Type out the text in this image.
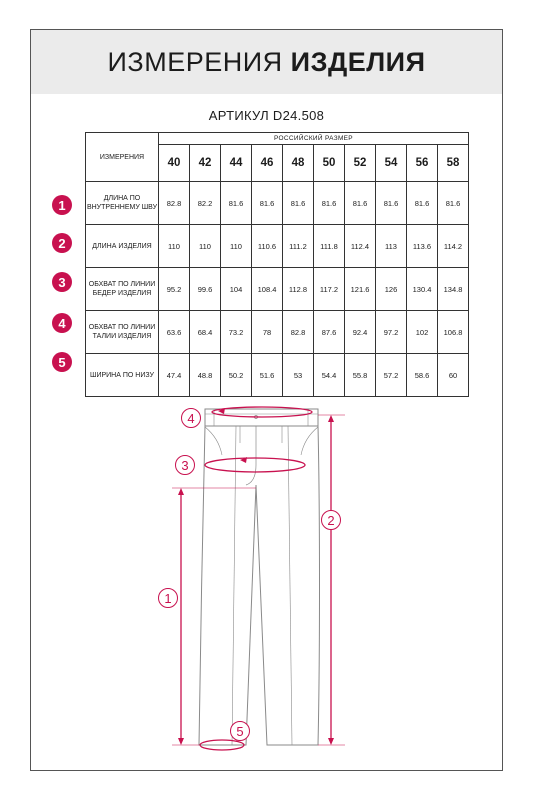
ИЗМЕРЕНИЯ ИЗДЕЛИЯ
АРТИКУЛ D24.508
ИЗМЕРЕНИЯ	РОССИЙСКИЙ РАЗМЕР									
	40	42	44	46	48	50	52	54	56	58
ДЛИНА ПО ВНУТРЕННЕМУ ШВУ	82.8	82.2	81.6	81.6	81.6	81.6	81.6	81.6	81.6	81.6
ДЛИНА ИЗДЕЛИЯ	110	110	110	110.6	111.2	111.8	112.4	113	113.6	114.2
ОБХВАТ ПО ЛИНИИ БЕДЕР ИЗДЕЛИЯ	95.2	99.6	104	108.4	112.8	117.2	121.6	126	130.4	134.8
ОБХВАТ ПО ЛИНИИ ТАЛИИ ИЗДЕЛИЯ	63.6	68.4	73.2	78	82.8	87.6	92.4	97.2	102	106.8
ШИРИНА ПО НИЗУ	47.4	48.8	50.2	51.6	53	54.4	55.8	57.2	58.6	60
1
2
3
4
5
4
3
2
1
5
